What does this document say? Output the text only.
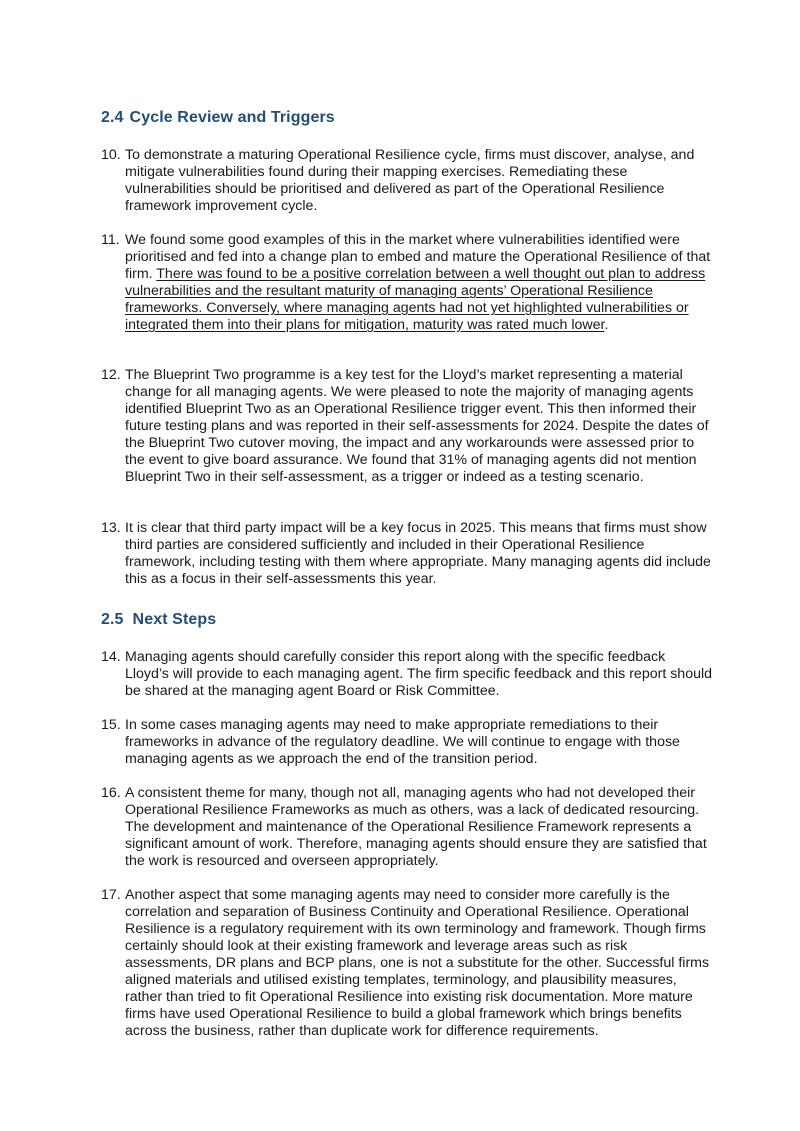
2.4 Cycle Review and Triggers

10. To demonstrate a maturing Operational Resilience cycle, firms must discover, analyse, and mitigate vulnerabilities found during their mapping exercises. Remediating these vulnerabilities should be prioritised and delivered as part of the Operational Resilience framework improvement cycle.

11. We found some good examples of this in the market where vulnerabilities identified were prioritised and fed into a change plan to embed and mature the Operational Resilience of that firm. There was found to be a positive correlation between a well thought out plan to address vulnerabilities and the resultant maturity of managing agents’ Operational Resilience frameworks. Conversely, where managing agents had not yet highlighted vulnerabilities or integrated them into their plans for mitigation, maturity was rated much lower.

12. The Blueprint Two programme is a key test for the Lloyd’s market representing a material change for all managing agents. We were pleased to note the majority of managing agents identified Blueprint Two as an Operational Resilience trigger event. This then informed their future testing plans and was reported in their self-assessments for 2024. Despite the dates of the Blueprint Two cutover moving, the impact and any workarounds were assessed prior to the event to give board assurance. We found that 31% of managing agents did not mention Blueprint Two in their self-assessment, as a trigger or indeed as a testing scenario.

13. It is clear that third party impact will be a key focus in 2025. This means that firms must show third parties are considered sufficiently and included in their Operational Resilience framework, including testing with them where appropriate. Many managing agents did include this as a focus in their self-assessments this year.

2.5 Next Steps

14. Managing agents should carefully consider this report along with the specific feedback Lloyd’s will provide to each managing agent. The firm specific feedback and this report should be shared at the managing agent Board or Risk Committee.

15. In some cases managing agents may need to make appropriate remediations to their frameworks in advance of the regulatory deadline. We will continue to engage with those managing agents as we approach the end of the transition period.

16. A consistent theme for many, though not all, managing agents who had not developed their Operational Resilience Frameworks as much as others, was a lack of dedicated resourcing. The development and maintenance of the Operational Resilience Framework represents a significant amount of work. Therefore, managing agents should ensure they are satisfied that the work is resourced and overseen appropriately.

17. Another aspect that some managing agents may need to consider more carefully is the correlation and separation of Business Continuity and Operational Resilience. Operational Resilience is a regulatory requirement with its own terminology and framework. Though firms certainly should look at their existing framework and leverage areas such as risk assessments, DR plans and BCP plans, one is not a substitute for the other. Successful firms aligned materials and utilised existing templates, terminology, and plausibility measures, rather than tried to fit Operational Resilience into existing risk documentation. More mature firms have used Operational Resilience to build a global framework which brings benefits across the business, rather than duplicate work for difference requirements.
